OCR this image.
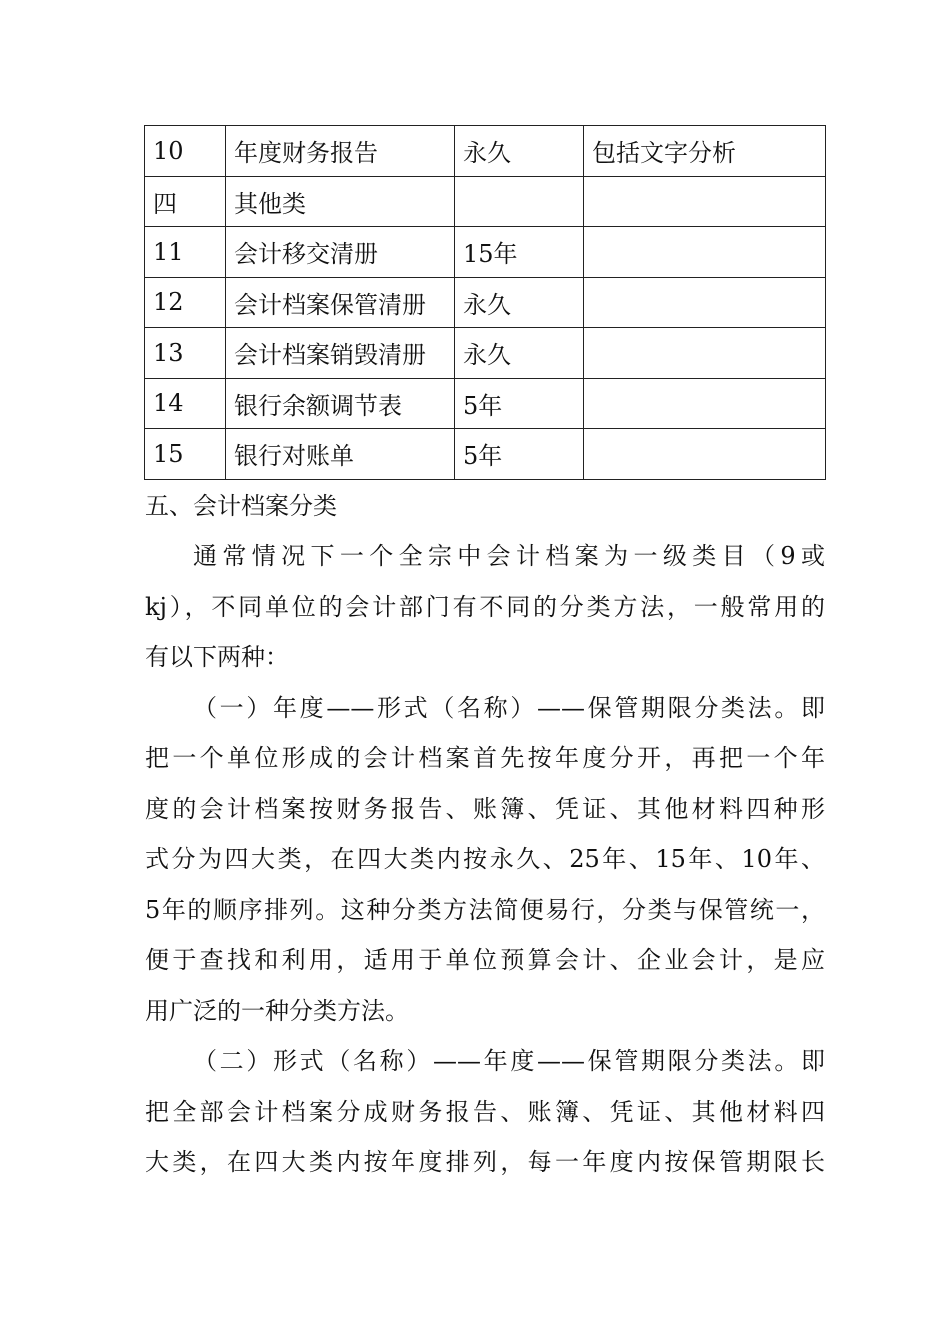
10	年度财务报告	永久	包括文字分析
四	其他类		
11	会计移交清册	15年	
12	会计档案保管清册	永久	
13	会计档案销毁清册	永久	
14	银行余额调节表	5年	
15	银行对账单	5年	
五、会计档案分类
通常情况下一个全宗中会计档案为一级类目（9或
kj），不同单位的会计部门有不同的分类方法，一般常用的
有以下两种：
（一）年度——形式（名称）——保管期限分类法。即
把一个单位形成的会计档案首先按年度分开，再把一个年
度的会计档案按财务报告、账簿、凭证、其他材料四种形
式分为四大类，在四大类内按永久、25年、15年、10年、
5年的顺序排列。这种分类方法简便易行，分类与保管统一，
便于查找和利用，适用于单位预算会计、企业会计，是应
用广泛的一种分类方法。
（二）形式（名称）——年度——保管期限分类法。即
把全部会计档案分成财务报告、账簿、凭证、其他材料四
大类，在四大类内按年度排列，每一年度内按保管期限长
